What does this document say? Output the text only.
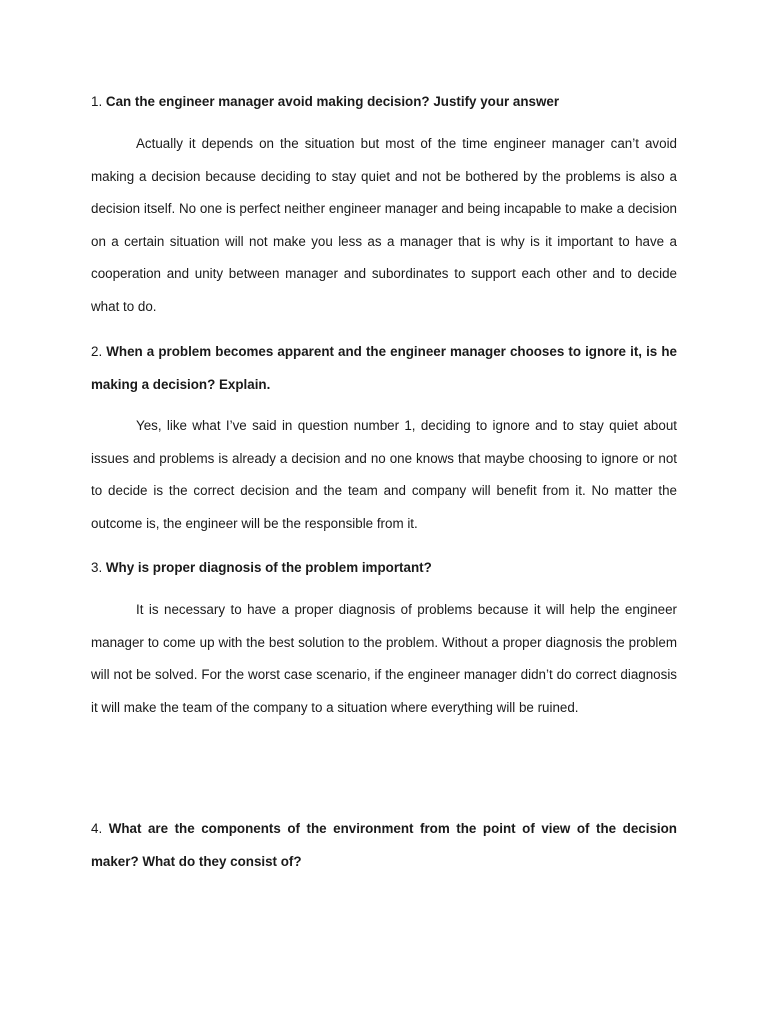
1. Can the engineer manager avoid making decision? Justify your answer
Actually it depends on the situation but most of the time engineer manager can’t avoid making a decision because deciding to stay quiet and not be bothered by the problems is also a decision itself. No one is perfect neither engineer manager and being incapable to make a decision on a certain situation will not make you less as a manager that is why is it important to have a cooperation and unity between manager and subordinates to support each other and to decide what to do.
2. When a problem becomes apparent and the engineer manager chooses to ignore it, is he making a decision? Explain.
Yes, like what I’ve said in question number 1, deciding to ignore and to stay quiet about issues and problems is already a decision and no one knows that maybe choosing to ignore or not to decide is the correct decision and the team and company will benefit from it. No matter the outcome is, the engineer will be the responsible from it.
3. Why is proper diagnosis of the problem important?
It is necessary to have a proper diagnosis of problems because it will help the engineer manager to come up with the best solution to the problem. Without a proper diagnosis the problem will not be solved. For the worst case scenario, if the engineer manager didn’t do correct diagnosis it will make the team of the company to a situation where everything will be ruined.
4. What are the components of the environment from the point of view of the decision maker? What do they consist of?
